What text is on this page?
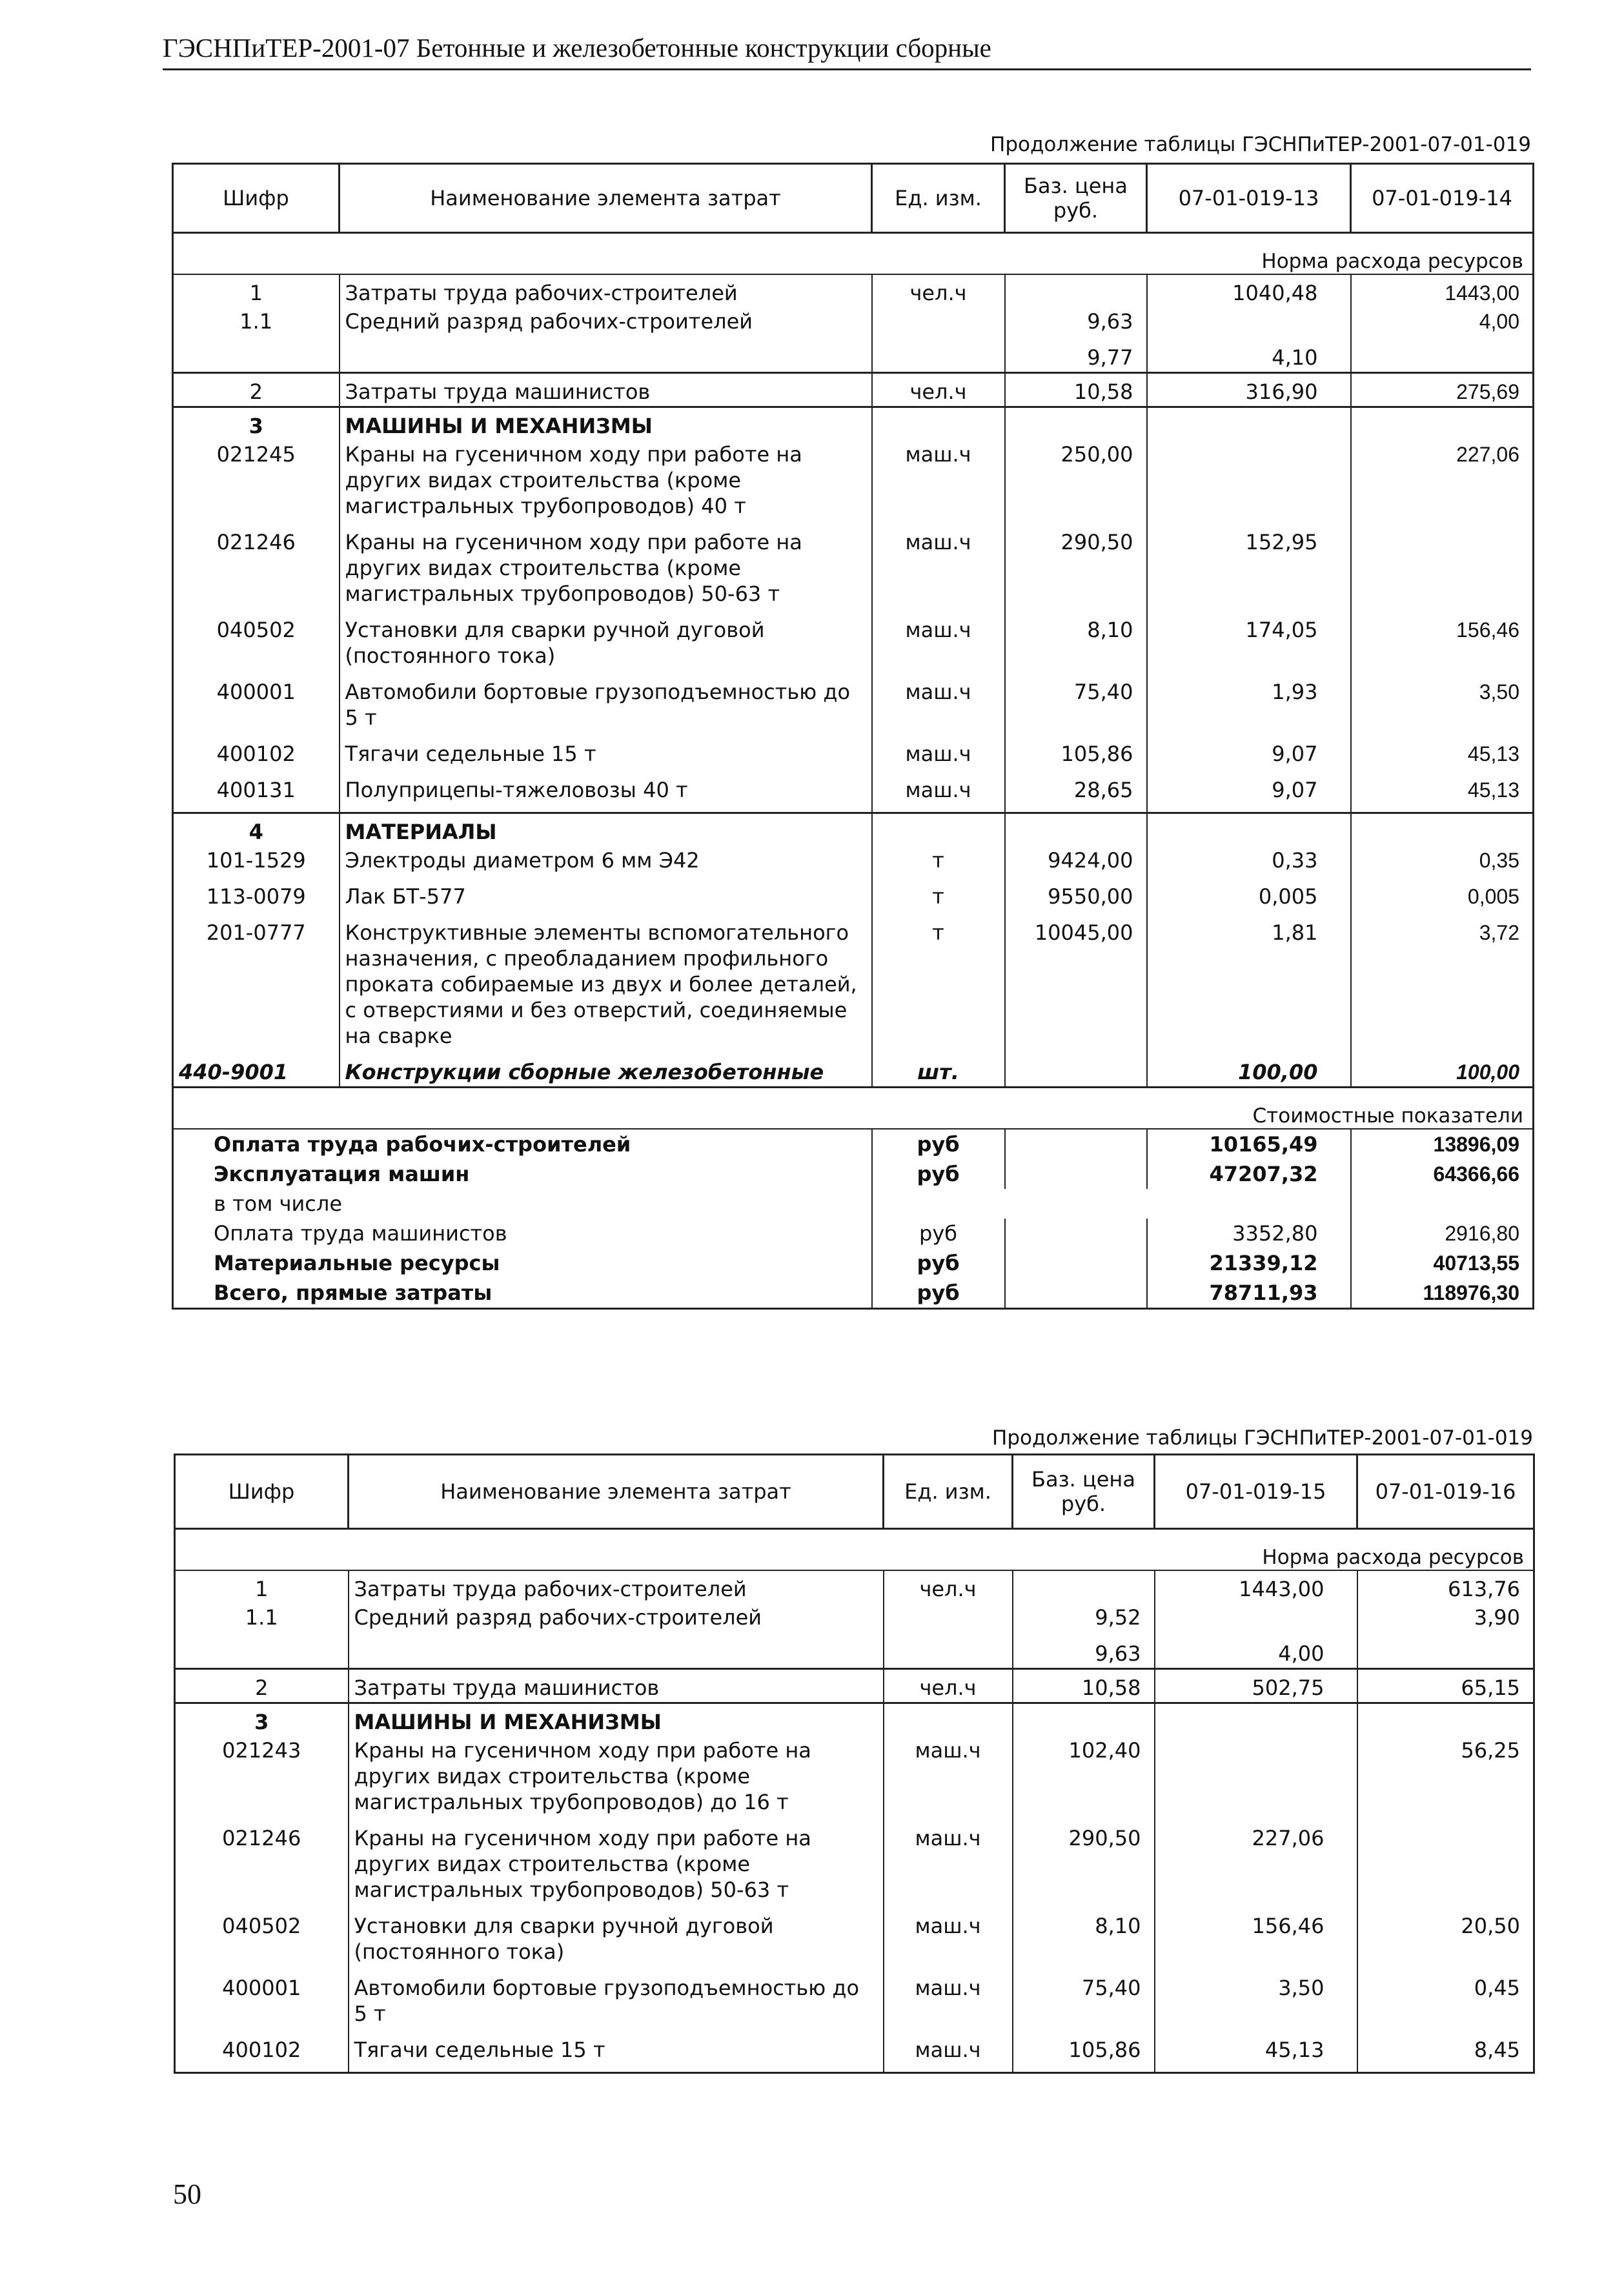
ГЭСНПиТЕР-2001-07 Бетонные и железобетонные конструкции сборные
Продолжение таблицы ГЭСНПиТЕР-2001-07-01-019
Шифр	Наименование элемента затрат	Ед. изм.	Баз. цена руб.	07-01-019-13	07-01-019-14

Норма расхода ресурсов					
1	Затраты труда рабочих-строителей	чел.ч		1040,48	1443,00
1.1	Средний разряд рабочих-строителей		9,63		4,00
			9,77	4,10	
2	Затраты труда машинистов	чел.ч	10,58	316,90	275,69
3	МАШИНЫ И МЕХАНИЗМЫ				
021245	Краны на гусеничном ходу при работе на других видах строительства (кроме магистральных трубопроводов) 40 т	маш.ч	250,00		227,06
021246	Краны на гусеничном ходу при работе на других видах строительства (кроме магистральных трубопроводов) 50-63 т	маш.ч	290,50	152,95	
040502	Установки для сварки ручной дуговой (постоянного тока)	маш.ч	8,10	174,05	156,46
400001	Автомобили бортовые грузоподъемностью до 5 т	маш.ч	75,40	1,93	3,50
400102	Тягачи седельные 15 т	маш.ч	105,86	9,07	45,13
400131	Полуприцепы-тяжеловозы 40 т	маш.ч	28,65	9,07	45,13
4	МАТЕРИАЛЫ				
101-1529	Электроды диаметром 6 мм Э42	т	9424,00	0,33	0,35
113-0079	Лак БТ-577	т	9550,00	0,005	0,005
201-0777	Конструктивные элементы вспомогательного назначения, с преобладанием профильного проката собираемые из двух и более деталей, с отверстиями и без отверстий, соединяемые на сварке	т	10045,00	1,81	3,72
440-9001	Конструкции сборные железобетонные	шт.		100,00	100,00

Стоимостные показатели					
Оплата труда рабочих-строителей		руб		10165,49	13896,09
Эксплуатация машин		руб		47207,32	64366,66
в том числе					
Оплата труда машинистов		руб		3352,80	2916,80
Материальные ресурсы		руб		21339,12	40713,55
Всего, прямые затраты		руб		78711,93	118976,30
Продолжение таблицы ГЭСНПиТЕР-2001-07-01-019
Шифр	Наименование элемента затрат	Ед. изм.	Баз. цена руб.	07-01-019-15	07-01-019-16

Норма расхода ресурсов					
1	Затраты труда рабочих-строителей	чел.ч		1443,00	613,76
1.1	Средний разряд рабочих-строителей		9,52		3,90
			9,63	4,00	
2	Затраты труда машинистов	чел.ч	10,58	502,75	65,15
3	МАШИНЫ И МЕХАНИЗМЫ				
021243	Краны на гусеничном ходу при работе на других видах строительства (кроме магистральных трубопроводов) до 16 т	маш.ч	102,40		56,25
021246	Краны на гусеничном ходу при работе на других видах строительства (кроме магистральных трубопроводов) 50-63 т	маш.ч	290,50	227,06	
040502	Установки для сварки ручной дуговой (постоянного тока)	маш.ч	8,10	156,46	20,50
400001	Автомобили бортовые грузоподъемностью до 5 т	маш.ч	75,40	3,50	0,45
400102	Тягачи седельные 15 т	маш.ч	105,86	45,13	8,45
50
